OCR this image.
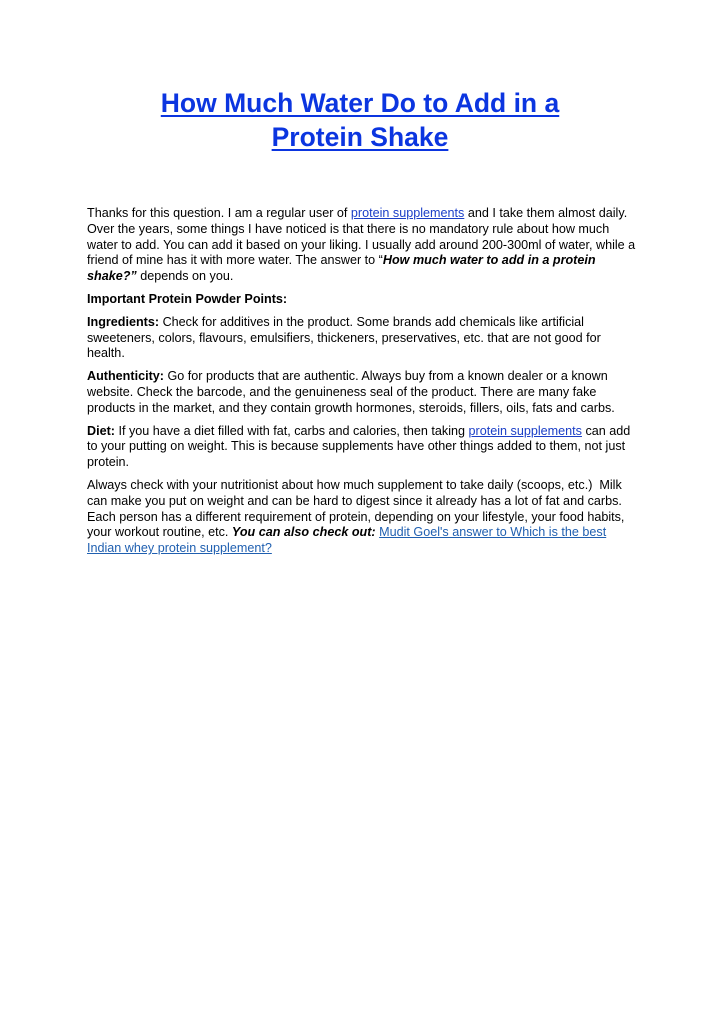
How Much Water Do to Add in a
Protein Shake

Thanks for this question. I am a regular user of protein supplements and I take them almost daily. Over the years, some things I have noticed is that there is no mandatory rule about how much water to add. You can add it based on your liking. I usually add around 200-300ml of water, while a friend of mine has it with more water. The answer to “How much water to add in a protein shake?” depends on you.

Important Protein Powder Points:

Ingredients: Check for additives in the product. Some brands add chemicals like artificial sweeteners, colors, flavours, emulsifiers, thickeners, preservatives, etc. that are not good for health.

Authenticity: Go for products that are authentic. Always buy from a known dealer or a known website. Check the barcode, and the genuineness seal of the product. There are many fake products in the market, and they contain growth hormones, steroids, fillers, oils, fats and carbs.

Diet: If you have a diet filled with fat, carbs and calories, then taking protein supplements can add to your putting on weight. This is because supplements have other things added to them, not just protein.

Always check with your nutritionist about how much supplement to take daily (scoops, etc.)  Milk can make you put on weight and can be hard to digest since it already has a lot of fat and carbs. Each person has a different requirement of protein, depending on your lifestyle, your food habits, your workout routine, etc. You can also check out: Mudit Goel's answer to Which is the best Indian whey protein supplement?
